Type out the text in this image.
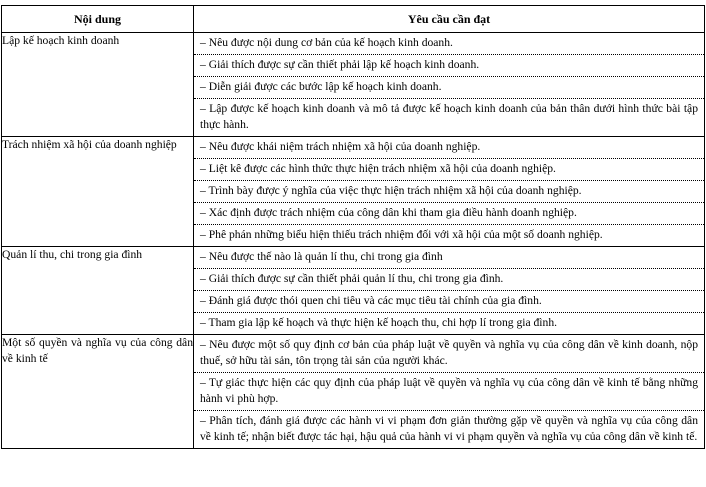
Nội dung	Yêu cầu cần đạt
Lập kế hoạch kinh doanh	– Nêu được nội dung cơ bản của kế hoạch kinh doanh.
– Giải thích được sự cần thiết phải lập kế hoạch kinh doanh.
– Diễn giải được các bước lập kế hoạch kinh doanh.
– Lập được kế hoạch kinh doanh và mô tả được kế hoạch kinh doanh của bản thân dưới hình thức bài tập thực hành.

Trách nhiệm xã hội của doanh nghiệp	– Nêu được khái niệm trách nhiệm xã hội của doanh nghiệp.
– Liệt kê được các hình thức thực hiện trách nhiệm xã hội của doanh nghiệp.
– Trình bày được ý nghĩa của việc thực hiện trách nhiệm xã hội của doanh nghiệp.
– Xác định được trách nhiệm của công dân khi tham gia điều hành doanh nghiệp.
– Phê phán những biểu hiện thiếu trách nhiệm đối với xã hội của một số doanh nghiệp.

Quản lí thu, chi trong gia đình	– Nêu được thế nào là quản lí thu, chi trong gia đình
– Giải thích được sự cần thiết phải quản lí thu, chi trong gia đình.
– Đánh giá được thói quen chi tiêu và các mục tiêu tài chính của gia đình.
– Tham gia lập kế hoạch và thực hiện kế hoạch thu, chi hợp lí trong gia đình.

Một số quyền và nghĩa vụ của công dân về kinh tế	– Nêu được một số quy định cơ bản của pháp luật về quyền và nghĩa vụ của công dân về kinh doanh, nộp thuế, sở hữu tài sản, tôn trọng tài sản của người khác.
– Tự giác thực hiện các quy định của pháp luật về quyền và nghĩa vụ của công dân về kinh tế bằng những hành vi phù hợp.
– Phân tích, đánh giá được các hành vi vi phạm đơn giản thường gặp về quyền và nghĩa vụ của công dân về kinh tế; nhận biết được tác hại, hậu quả của hành vi vi phạm quyền và nghĩa vụ của công dân về kinh tế.
